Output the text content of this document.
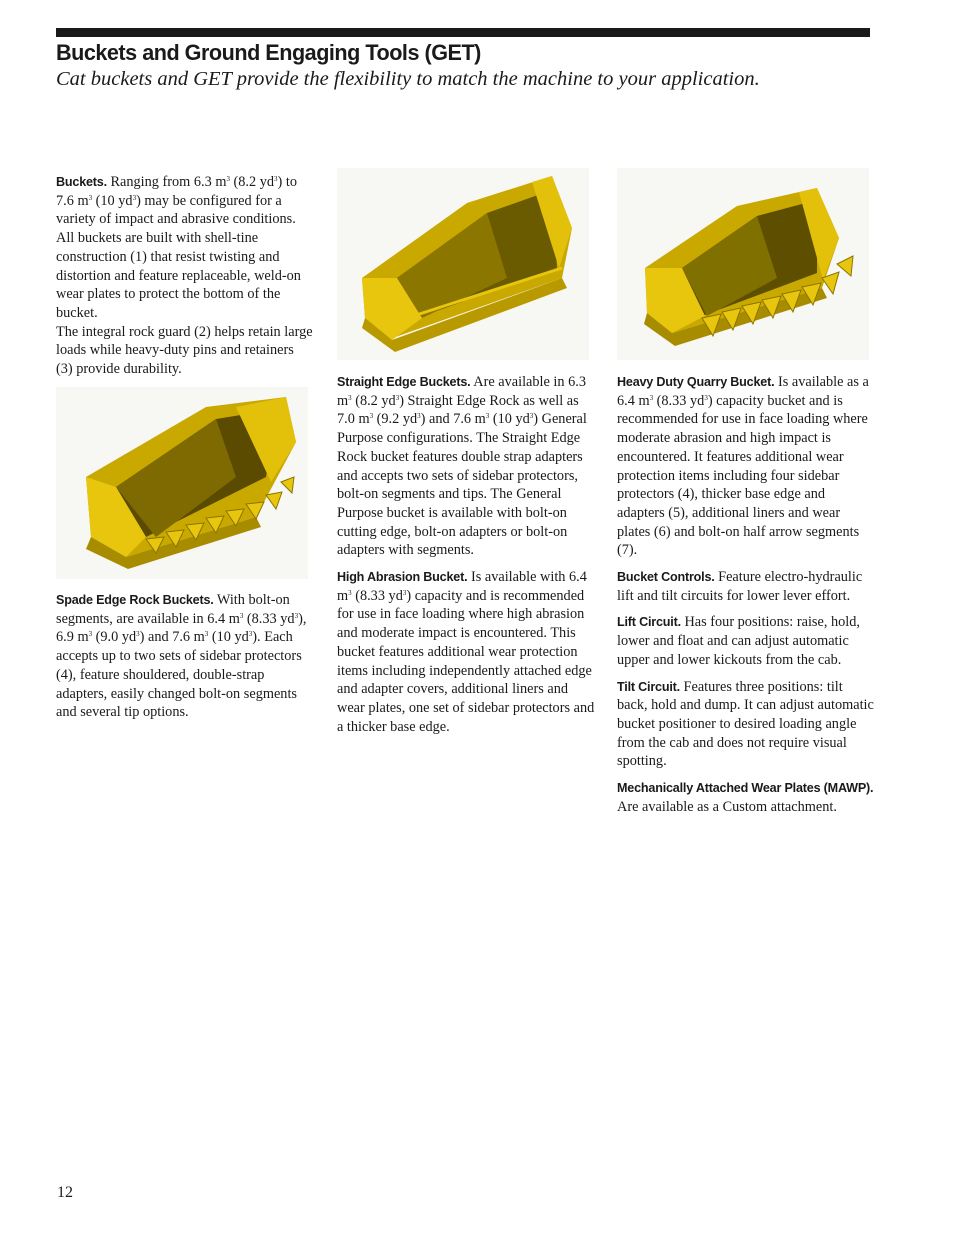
Buckets and Ground Engaging Tools (GET)

Cat buckets and GET provide the flexibility to match the machine to your application.

Buckets. Ranging from 6.3 $m^3$ (8.2 $yd^3$) to 7.6 $m^3$ (10 $yd^3$) may be configured for a variety of impact and abrasive conditions. All buckets are built with shell-tine construction (1) that resist twisting and distortion and feature replaceable, weld-on wear plates to protect the bottom of the bucket.

The integral rock guard (2) helps retain large loads while heavy-duty pins and retainers (3) provide durability.

Spade Edge Rock Buckets. With bolt-on segments, are available in 6.4 $m^3$ (8.33 $yd^3$), 6.9 $m^3$ (9.0 $yd^3$) and 7.6 $m^3$ (10 $yd^3$). Each accepts up to two sets of sidebar protectors (4), feature shouldered, double-strap adapters, easily changed bolt-on segments and several tip options.

Straight Edge Buckets. Are available in 6.3 $m^3$ (8.2 $yd^3$) Straight Edge Rock as well as 7.0 $m^3$ (9.2 $yd^3$) and 7.6 $m^3$ (10 $yd^3$) General Purpose configurations. The Straight Edge Rock bucket features double strap adapters and accepts two sets of sidebar protectors, bolt-on segments and tips. The General Purpose bucket is available with bolt-on cutting edge, bolt-on adapters or bolt-on adapters with segments.

High Abrasion Bucket. Is available with 6.4 $m^3$ (8.33 $yd^3$) capacity and is recommended for use in face loading where high abrasion and moderate impact is encountered. This bucket features additional wear protection items including independently attached edge and adapter covers, additional liners and wear plates, one set of sidebar protectors and a thicker base edge.

Heavy Duty Quarry Bucket. Is available as a 6.4 $m^3$ (8.33 $yd^3$) capacity bucket and is recommended for use in face loading where moderate abrasion and high impact is encountered. It features additional wear protection items including four sidebar protectors (4), thicker base edge and adapters (5), additional liners and wear plates (6) and bolt-on half arrow segments (7).

Bucket Controls. Feature electro-hydraulic lift and tilt circuits for lower lever effort.

Lift Circuit. Has four positions: raise, hold, lower and float and can adjust automatic upper and lower kickouts from the cab.

Tilt Circuit. Features three positions: tilt back, hold and dump. It can adjust automatic bucket positioner to desired loading angle from the cab and does not require visual spotting.

Mechanically Attached Wear Plates (MAWP). Are available as a Custom attachment.

12
